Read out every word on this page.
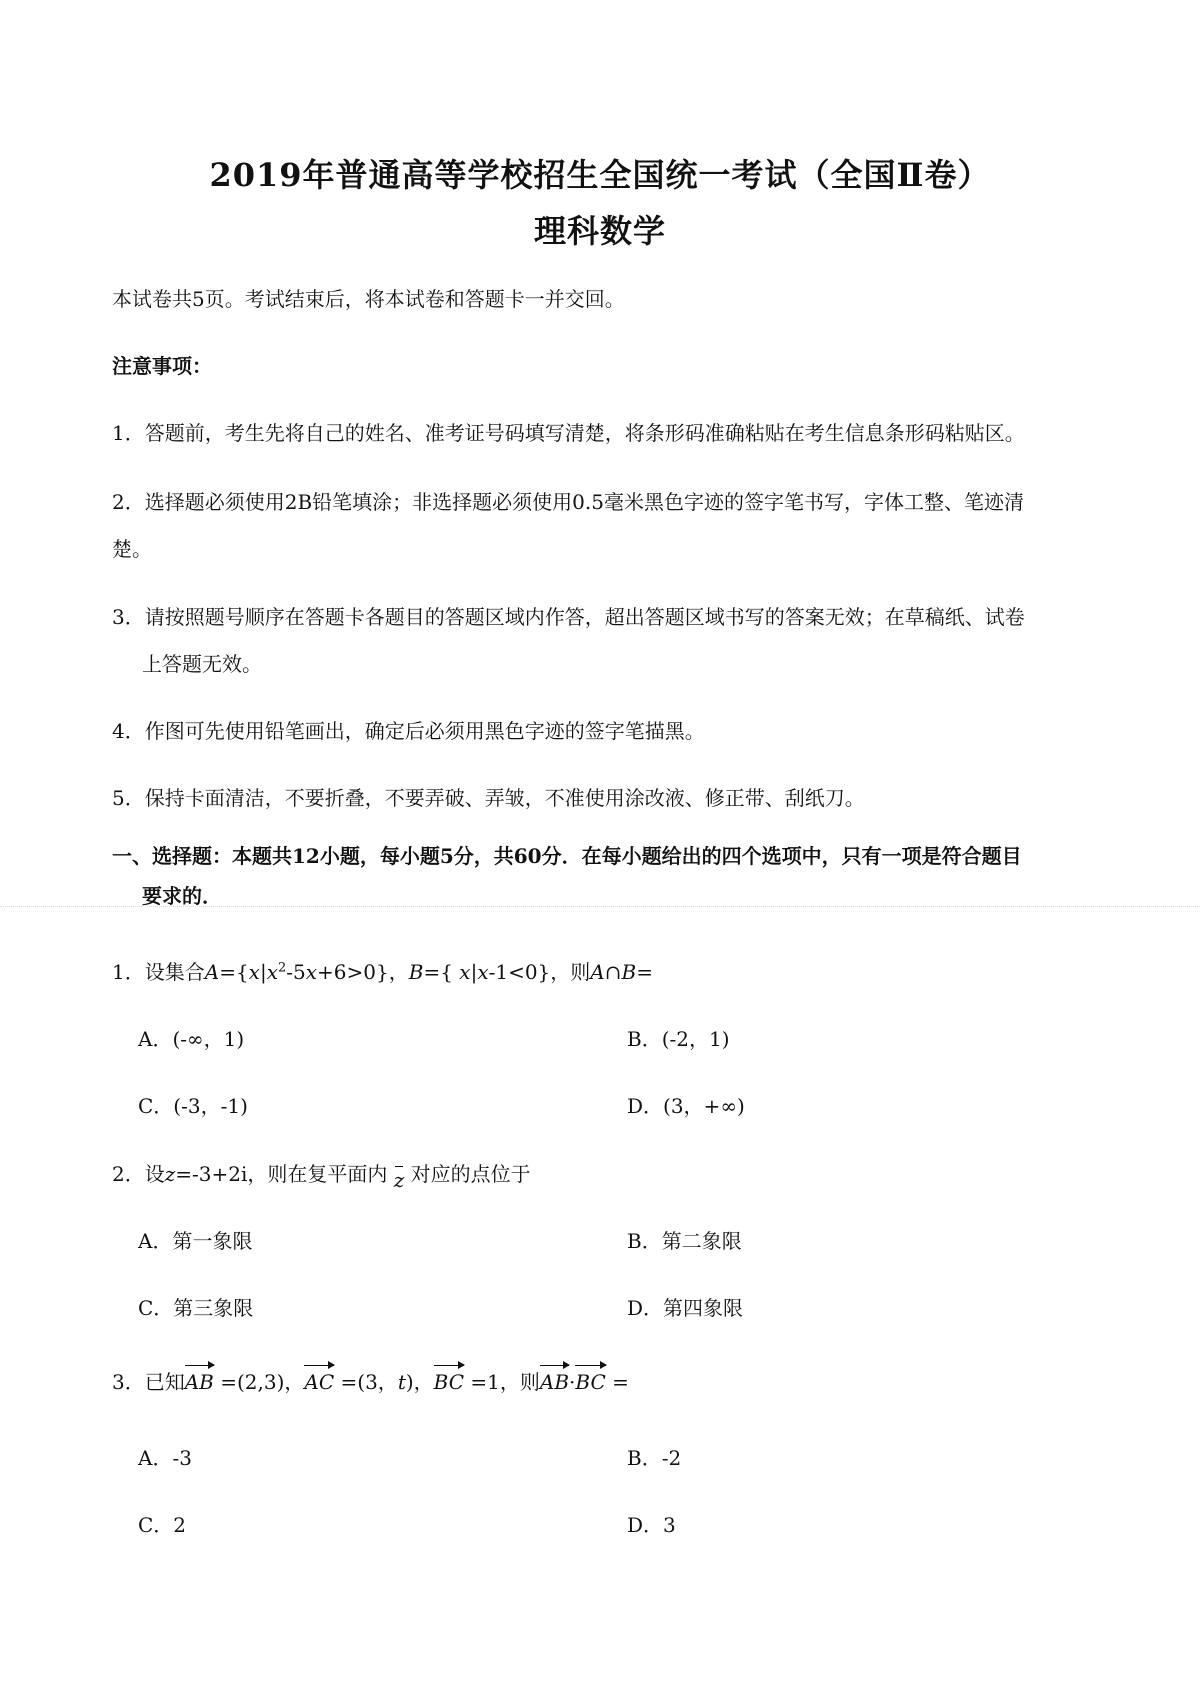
2019年普通高等学校招生全国统一考试（全国Ⅱ卷）
理科数学
本试卷共5页。考试结束后，将本试卷和答题卡一并交回。
注意事项：
1．答题前，考生先将自己的姓名、准考证号码填写清楚，将条形码准确粘贴在考生信息条形码粘贴区。
2．选择题必须使用2B铅笔填涂；非选择题必须使用0.5毫米黑色字迹的签字笔书写，字体工整、笔迹清
楚。
3．请按照题号顺序在答题卡各题目的答题区域内作答，超出答题区域书写的答案无效；在草稿纸、试卷
上答题无效。
4．作图可先使用铅笔画出，确定后必须用黑色字迹的签字笔描黑。
5．保持卡面清洁，不要折叠，不要弄破、弄皱，不准使用涂改液、修正带、刮纸刀。
一、选择题：本题共12小题，每小题5分，共60分．在每小题给出的四个选项中，只有一项是符合题目
要求的．
1．设集合$A=\{x|x^2-5x+6>0\}$，B={ x|x-1<0}，则A∩B=
A．(-∞，1)	B．(-2，1)
C．(-3，-1)	D．(3，+∞)
2．设z=-3+2i，则在复平面内 z 对应的点位于
A．第一象限	B．第二象限
C．第三象限	D．第四象限
3．已知AB =(2,3)，AC =(3，t)，BC =1，则AB·BC =
A．-3	B．-2
C．2	D．3
